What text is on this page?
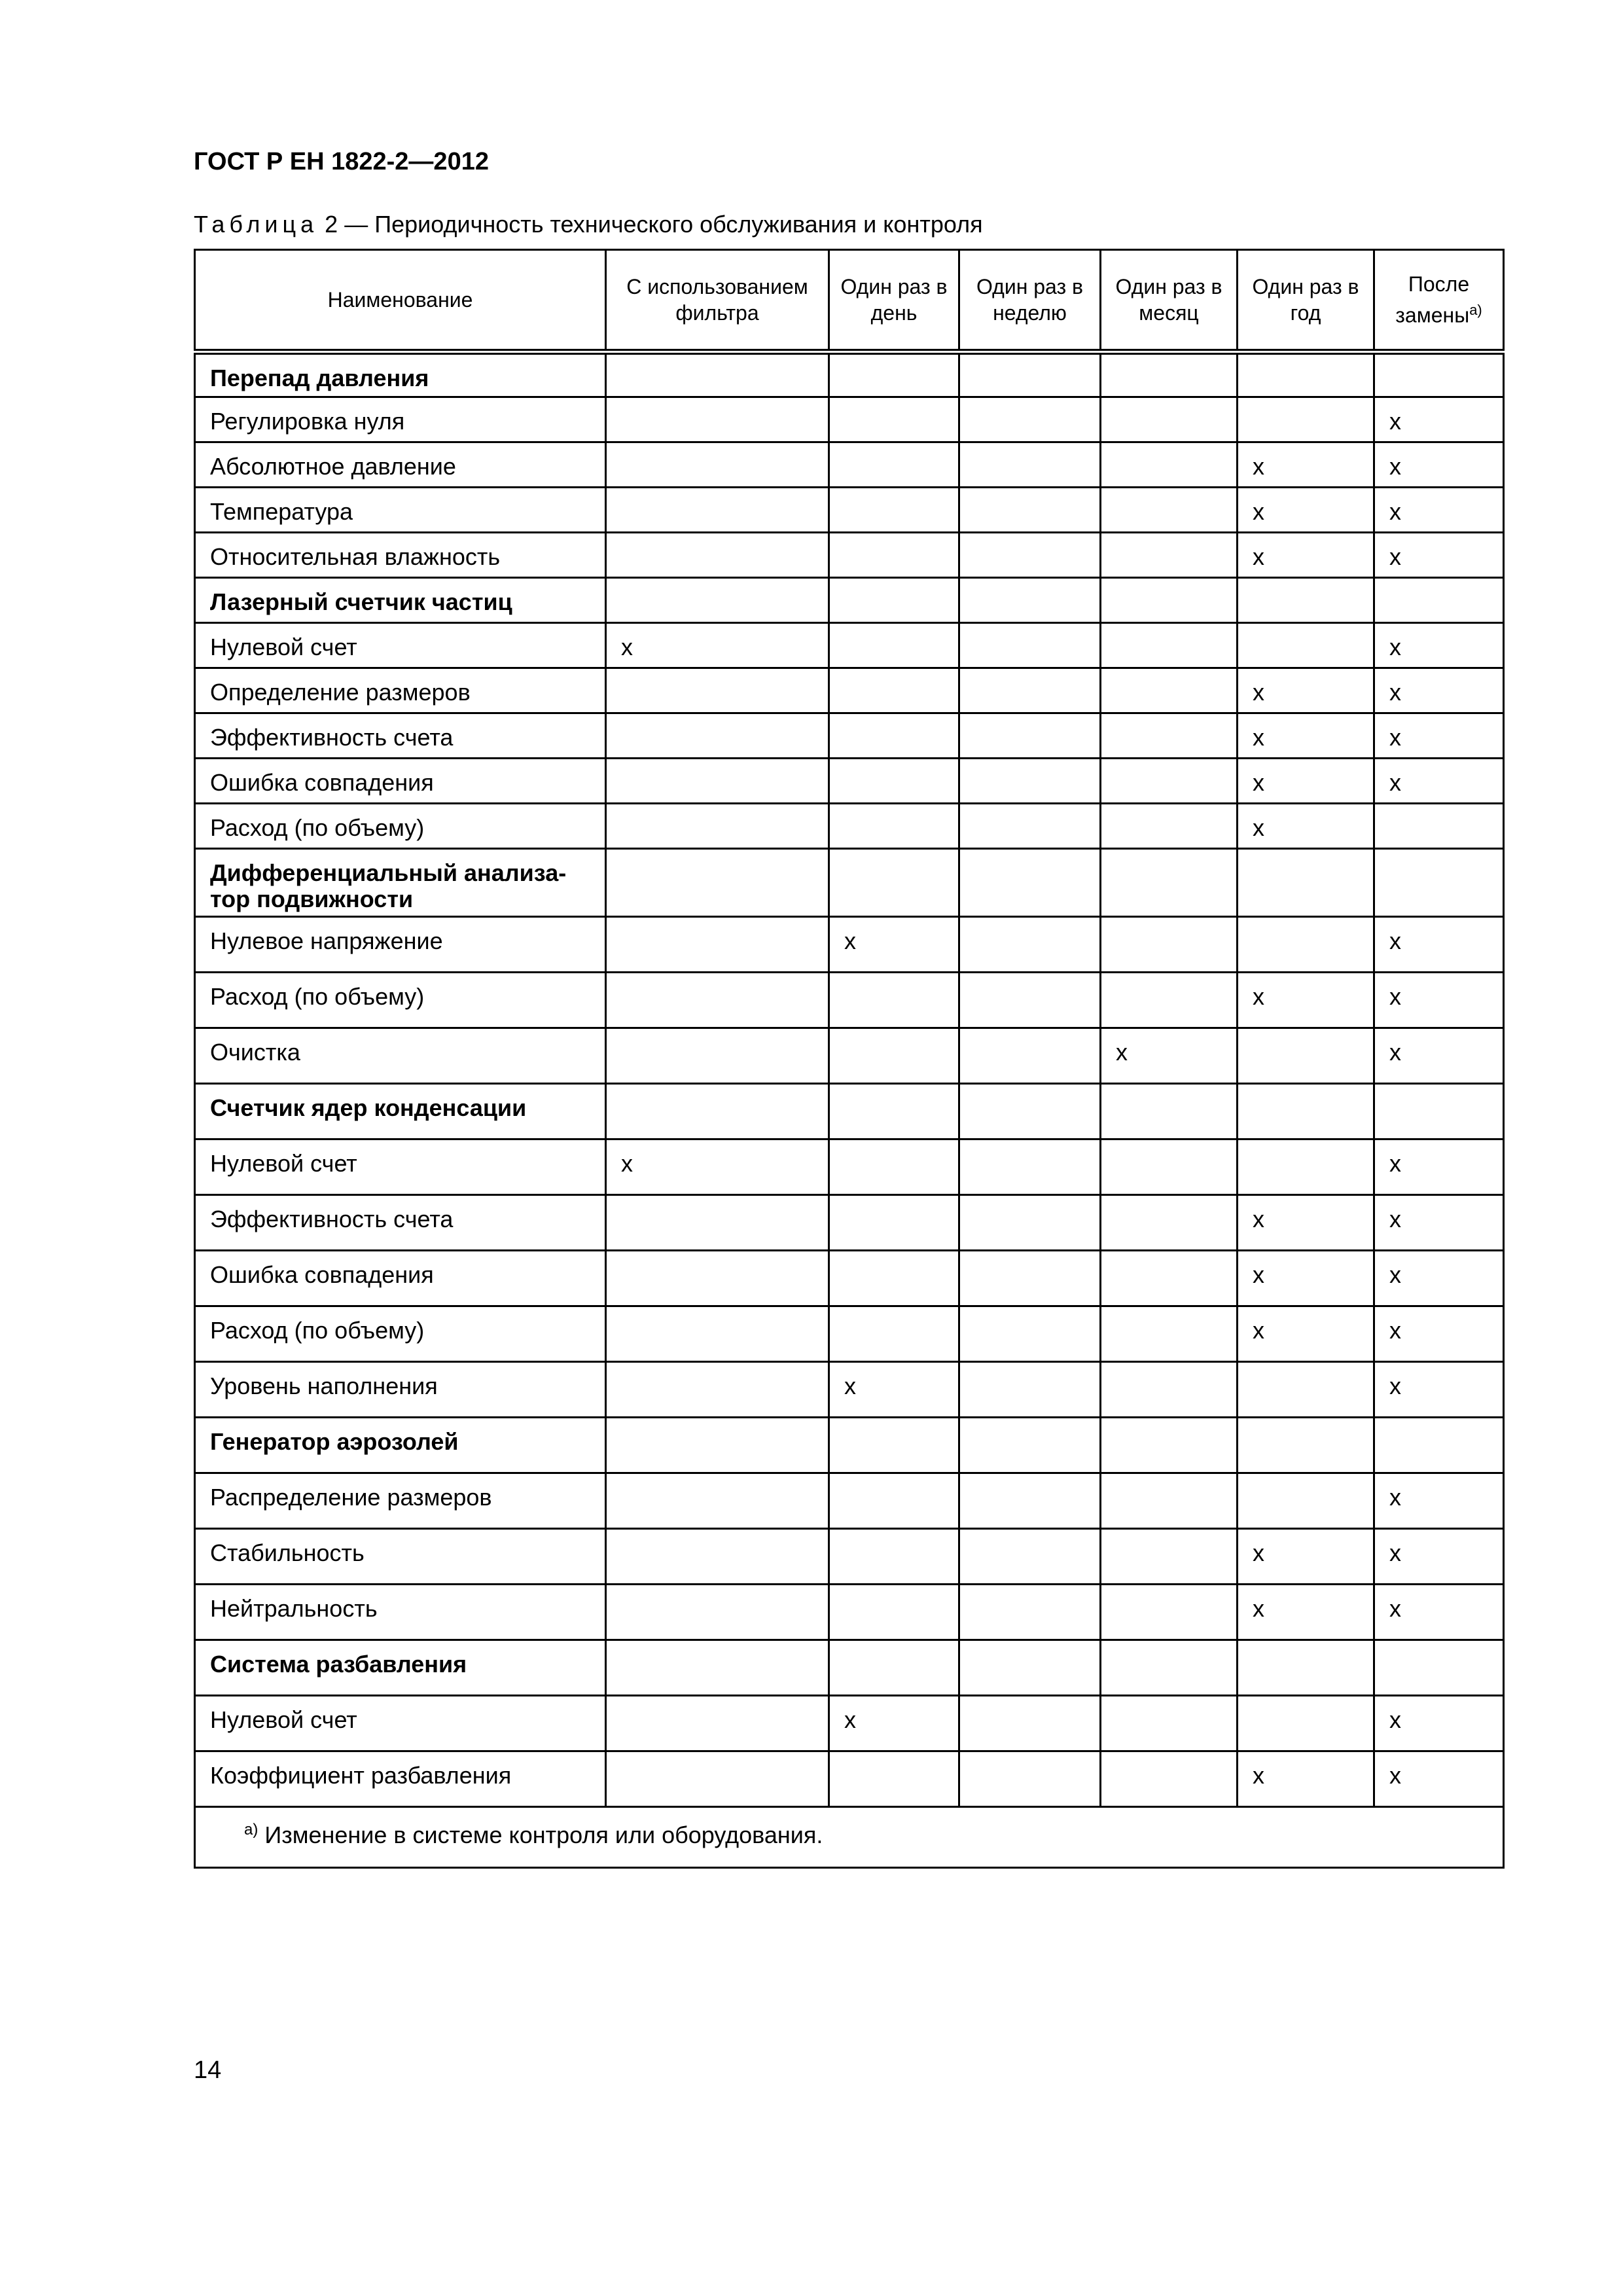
ГОСТ Р ЕН 1822-2—2012
Таблица 2 — Периодичность технического обслуживания и контроля
Наименование	С использованием фильтра	Один раз в день	Один раз в неделю	Один раз в месяц	Один раз в год	После замены$^{а)}$
Перепад давления						
Регулировка нуля						x
Абсолютное давление					x	x
Температура					x	x
Относительная влажность					x	x
Лазерный счетчик частиц						
Нулевой счет	x					x
Определение размеров					x	x
Эффективность счета					x	x
Ошибка совпадения					x	x
Расход (по объему)					x	
Дифференциальный анализа-
тор подвижности						
Нулевое напряжение		x				x
Расход (по объему)					x	x
Очистка				x		x
Счетчик ядер конденсации						
Нулевой счет	x					x
Эффективность счета					x	x
Ошибка совпадения					x	x
Расход (по объему)					x	x
Уровень наполнения		x				x
Генератор аэрозолей						
Распределение размеров						x
Стабильность					x	x
Нейтральность					x	x
Система разбавления						
Нулевой счет		x				x
Коэффициент разбавления					x	x
$^{а)}$ Изменение в системе контроля или оборудования.						
14
